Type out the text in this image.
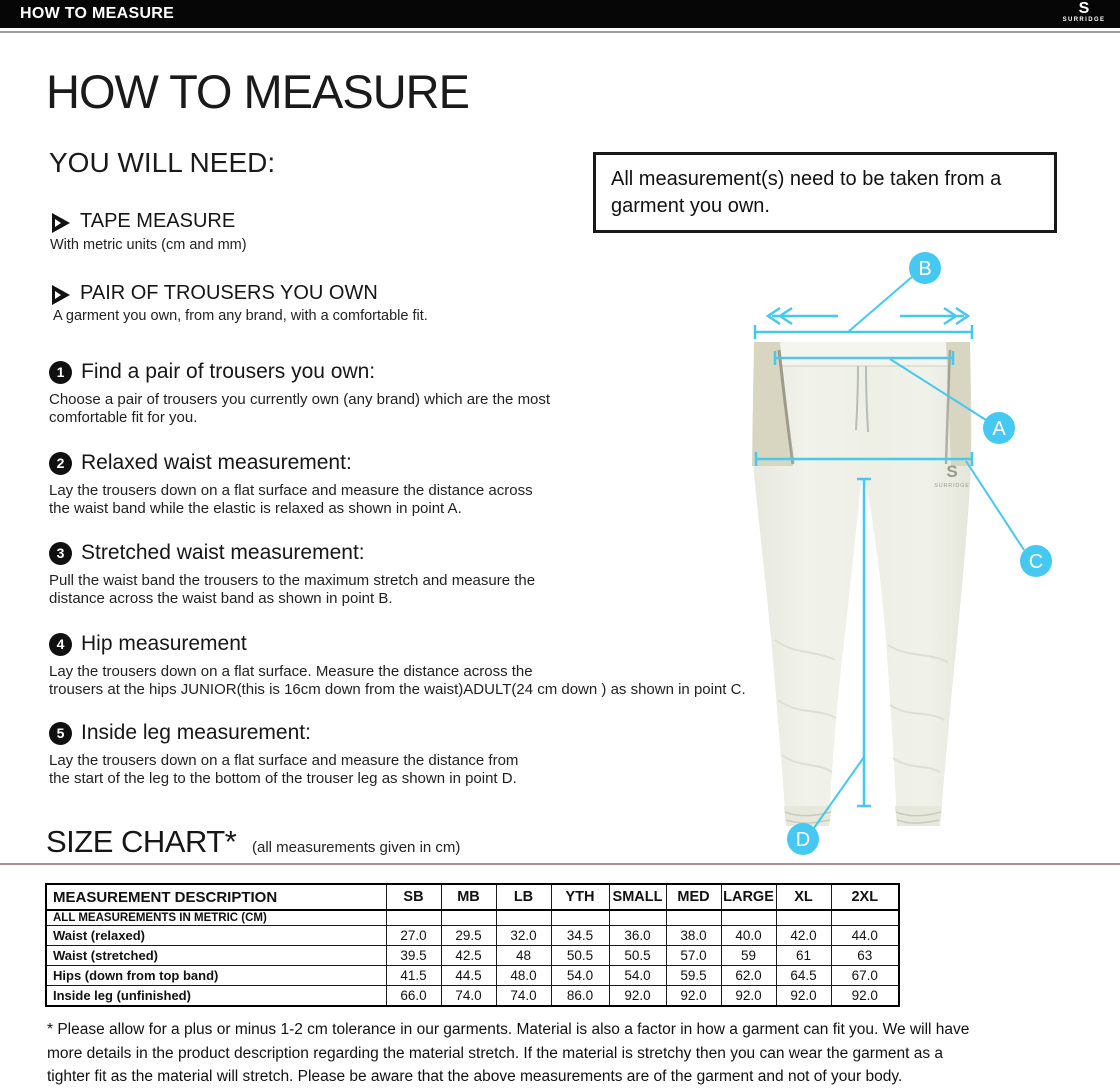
HOW TO MEASURE	S
SURRIDGE
HOW TO MEASURE
YOU WILL NEED:
TAPE MEASURE
With metric units (cm and mm)
PAIR OF TROUSERS YOU OWN
A garment you own, from any brand, with a comfortable fit.
All measurement(s) need to be taken from a garment you own.
1 Find a pair of trousers you own:
Choose a pair of trousers you currently own (any brand) which are the most
comfortable fit for you.
2 Relaxed waist measurement:
Lay the trousers down on a flat surface and measure the distance across
the waist band while the elastic is relaxed as shown in point A.
3 Stretched waist measurement:
Pull the waist band the trousers to the maximum stretch and measure the
distance across the waist band as shown in point B.
4 Hip measurement
Lay the trousers down on a flat surface. Measure the distance across the
trousers at the hips JUNIOR(this is 16cm down from the waist)ADULT(24 cm down ) as shown in point C.
5 Inside leg measurement:
Lay the trousers down on a flat surface and measure the distance from
the start of the leg to the bottom of the trouser leg as shown in point D.
S
SURRIDGE
B
A
C
D
SIZE CHART* (all measurements given in cm)
MEASUREMENT DESCRIPTION	SB	MB	LB	YTH	SMALL	MED	LARGE	XL	2XL
ALL MEASUREMENTS IN METRIC (CM)									
Waist (relaxed)	27.0	29.5	32.0	34.5	36.0	38.0	40.0	42.0	44.0
Waist (stretched)	39.5	42.5	48	50.5	50.5	57.0	59	61	63
Hips (down from top band)	41.5	44.5	48.0	54.0	54.0	59.5	62.0	64.5	67.0
Inside leg (unfinished)	66.0	74.0	74.0	86.0	92.0	92.0	92.0	92.0	92.0
* Please allow for a plus or minus 1-2 cm tolerance in our garments. Material is also a factor in how a garment can fit you. We will have
more details in the product description regarding the material stretch. If the material is stretchy then you can wear the garment as a
tighter fit as the material will stretch. Please be aware that the above measurements are of the garment and not of your body.
